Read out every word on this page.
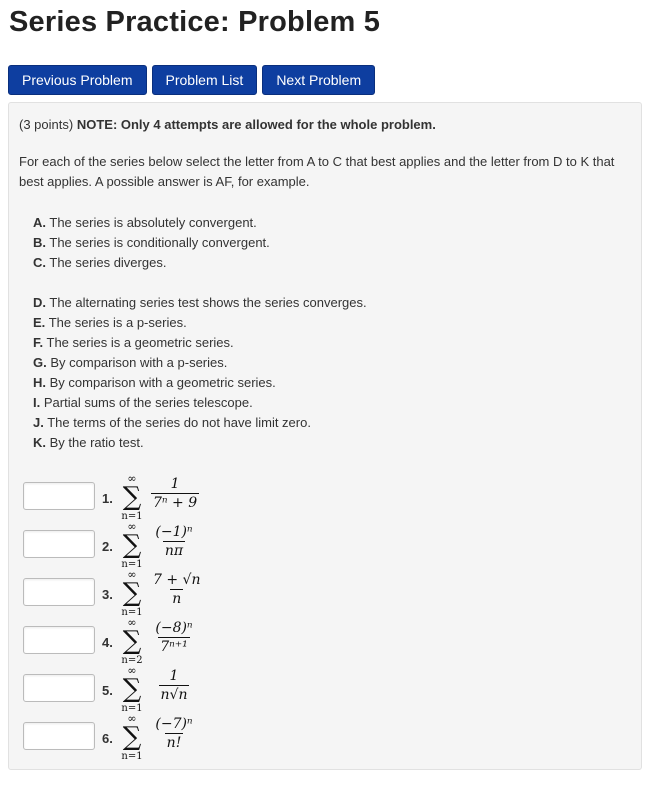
Series Practice: Problem 5
Previous Problem	Problem List	Next Problem
(3 points) NOTE: Only 4 attempts are allowed for the whole problem.

For each of the series below select the letter from A to C that best applies and the letter from D to K that best applies. A possible answer is AF, for example.

A. The series is absolutely convergent.
B. The series is conditionally convergent.
C. The series diverges.
D. The alternating series test shows the series converges.
E. The series is a p-series.
F. The series is a geometric series.
G. By comparison with a p-series.
H. By comparison with a geometric series.
I. Partial sums of the series telescope.
J. The terms of the series do not have limit zero.
K. By the ratio test.
1.
∞
∑
n=1
$\frac{1}{\text{7ⁿ + 9}}$
2.
∞
∑
n=1
$\frac{\text{(−1)ⁿ}}{n\pi}$
3.
∞
∑
n=1
$\frac{7 + √n}{n}$
4.
∞
∑
n=2
$\frac{\text{(−8)ⁿ}}{\text{7ⁿ⁺¹}}$
5.
∞
∑
n=1
$\frac{1}{n√n}$
6.
∞
∑
n=1
$\frac{\text{(−7)ⁿ}}{n!}$
